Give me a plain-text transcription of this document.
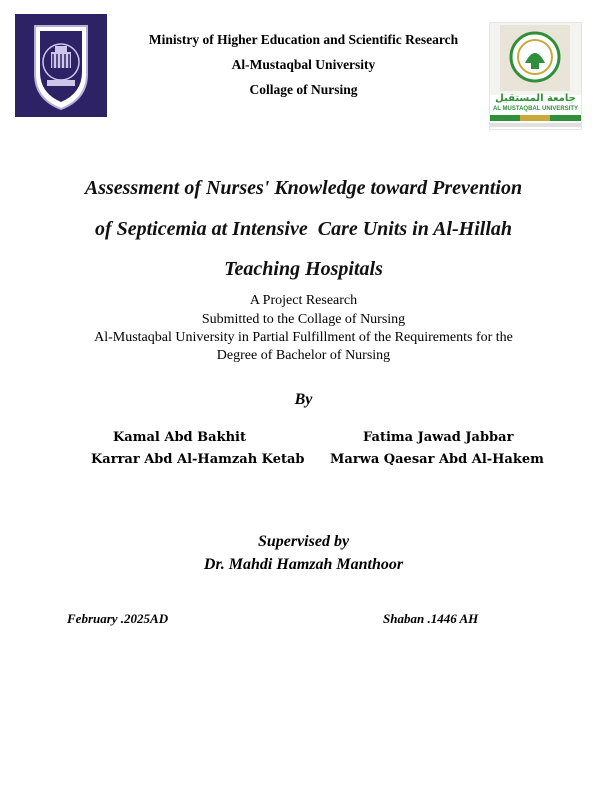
جامعة المستقبل
AL MUSTAQBAL UNIVERSITY
Ministry of Higher Education and Scientific Research
Al-Mustaqbal University
Collage of Nursing
Assessment of Nurses' Knowledge toward Prevention
of Septicemia at Intensive  Care Units in Al-Hillah
Teaching Hospitals
A Project Research
Submitted to the Collage of Nursing
Al-Mustaqbal University in Partial Fulfillment of the Requirements for the
Degree of Bachelor of Nursing
By
Kamal Abd Bakhit	Fatima Jawad Jabbar
Karrar Abd Al-Hamzah Ketab Marwa Qaesar Abd Al-Hakem
Supervised by
Dr. Mahdi Hamzah Manthoor
February .2025AD	Shaban .1446 AH
